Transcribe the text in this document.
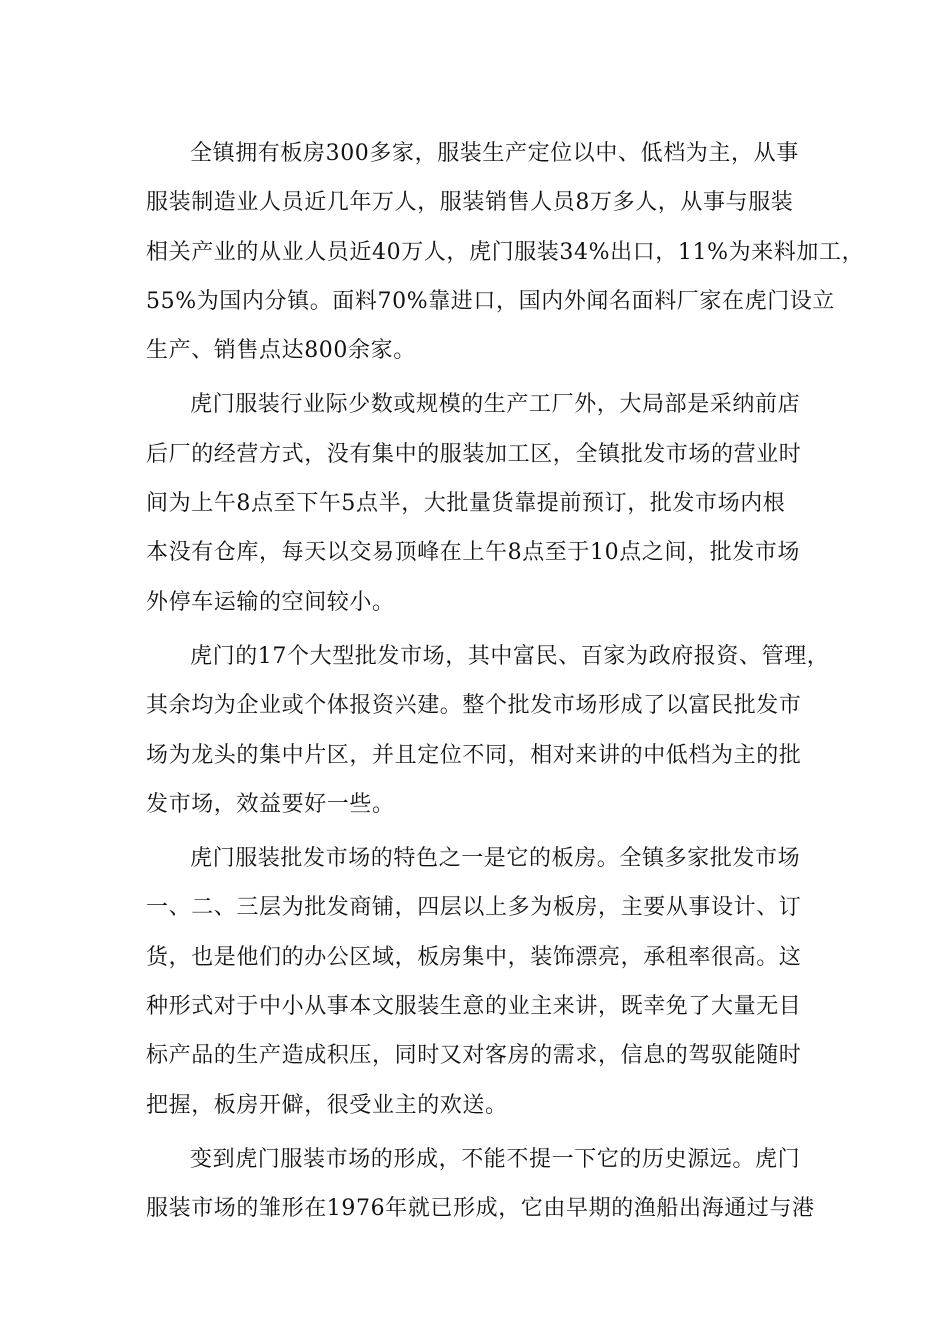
全镇拥有板房300多家，服装生产定位以中、低档为主，从事
服装制造业人员近几年万人，服装销售人员8万多人，从事与服装
相关产业的从业人员近40万人，虎门服装34%出口，11%为来料加工，
55%为国内分镇。面料70%靠进口，国内外闻名面料厂家在虎门设立
生产、销售点达800余家。
虎门服装行业际少数或规模的生产工厂外，大局部是采纳前店
后厂的经营方式，没有集中的服装加工区，全镇批发市场的营业时
间为上午8点至下午5点半，大批量货靠提前预订，批发市场内根
本没有仓库，每天以交易顶峰在上午8点至于10点之间，批发市场
外停车运输的空间较小。
虎门的17个大型批发市场，其中富民、百家为政府报资、管理，
其余均为企业或个体报资兴建。整个批发市场形成了以富民批发市
场为龙头的集中片区，并且定位不同，相对来讲的中低档为主的批
发市场，效益要好一些。
虎门服装批发市场的特色之一是它的板房。全镇多家批发市场
一、二、三层为批发商铺，四层以上多为板房，主要从事设计、订
货，也是他们的办公区域，板房集中，装饰漂亮，承租率很高。这
种形式对于中小从事本文服装生意的业主来讲，既幸免了大量无目
标产品的生产造成积压，同时又对客房的需求，信息的驾驭能随时
把握，板房开僻，很受业主的欢送。
变到虎门服装市场的形成，不能不提一下它的历史源远。虎门
服装市场的雏形在1976年就已形成，它由早期的渔船出海通过与港
